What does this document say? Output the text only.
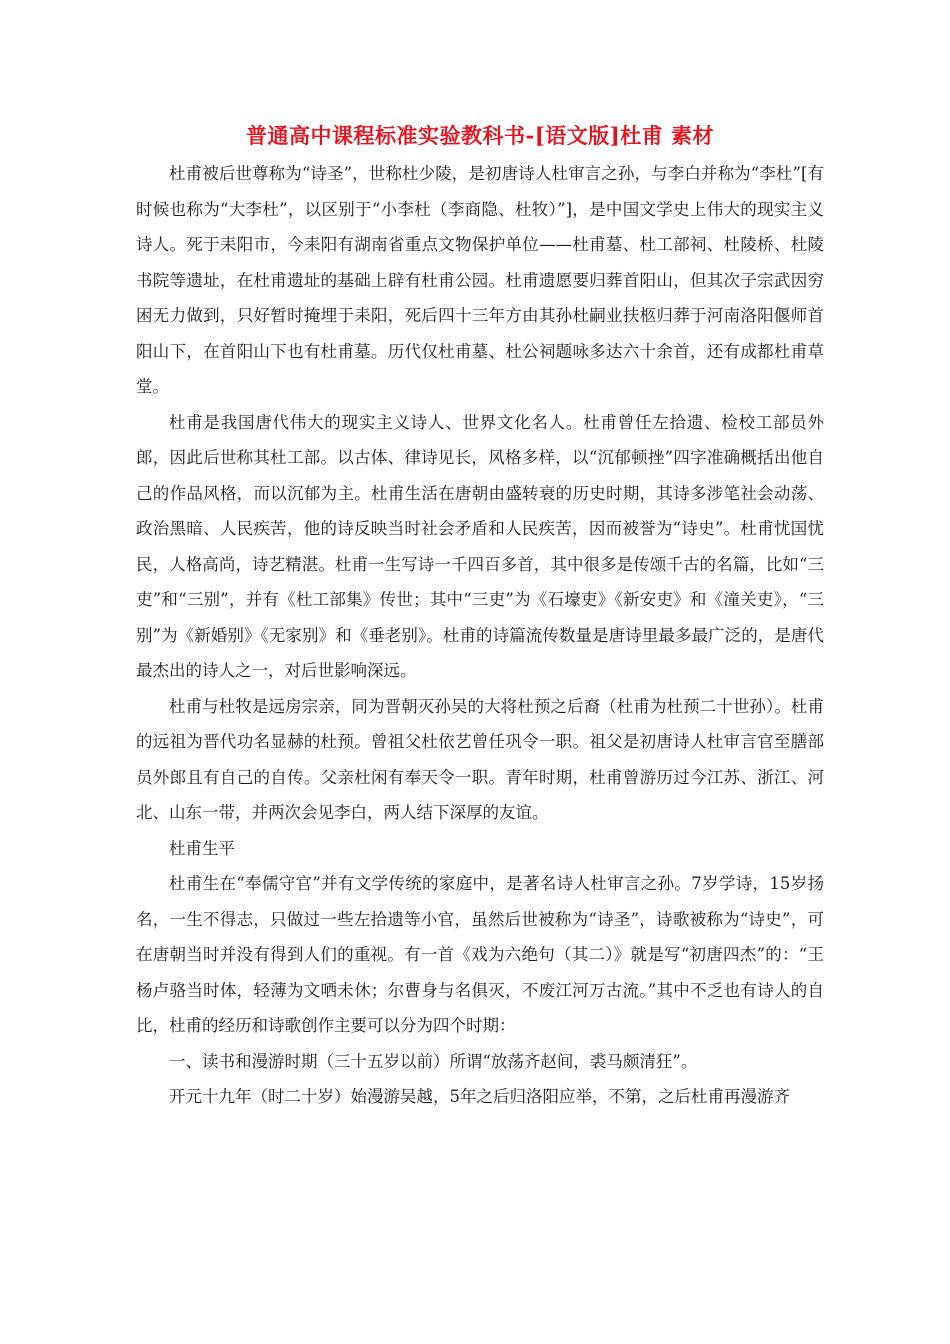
普通高中课程标准实验教科书-[语文版]杜甫 素材

杜甫被后世尊称为“诗圣”，世称杜少陵，是初唐诗人杜审言之孙，与李白并称为“李杜”[有时候也称为“大李杜”，以区别于“小李杜（李商隐、杜牧）”]，是中国文学史上伟大的现实主义诗人。死于耒阳市，今耒阳有湖南省重点文物保护单位——杜甫墓、杜工部祠、杜陵桥、杜陵书院等遗址，在杜甫遗址的基础上辟有杜甫公园。杜甫遗愿要归葬首阳山，但其次子宗武因穷困无力做到，只好暂时掩埋于耒阳，死后四十三年方由其孙杜嗣业扶柩归葬于河南洛阳偃师首阳山下，在首阳山下也有杜甫墓。历代仅杜甫墓、杜公祠题咏多达六十余首，还有成都杜甫草堂。

杜甫是我国唐代伟大的现实主义诗人、世界文化名人。杜甫曾任左拾遗、检校工部员外郎，因此后世称其杜工部。以古体、律诗见长，风格多样，以“沉郁顿挫”四字准确概括出他自己的作品风格，而以沉郁为主。杜甫生活在唐朝由盛转衰的历史时期，其诗多涉笔社会动荡、政治黑暗、人民疾苦，他的诗反映当时社会矛盾和人民疾苦，因而被誉为“诗史”。杜甫忧国忧民，人格高尚，诗艺精湛。杜甫一生写诗一千四百多首，其中很多是传颂千古的名篇，比如“三吏”和“三别”，并有《杜工部集》传世；其中“三吏”为《石壕吏》《新安吏》和《潼关吏》，“三别”为《新婚别》《无家别》和《垂老别》。杜甫的诗篇流传数量是唐诗里最多最广泛的，是唐代最杰出的诗人之一，对后世影响深远。

杜甫与杜牧是远房宗亲，同为晋朝灭孙吴的大将杜预之后裔（杜甫为杜预二十世孙）。杜甫的远祖为晋代功名显赫的杜预。曾祖父杜依艺曾任巩令一职。祖父是初唐诗人杜审言官至膳部员外郎且有自己的自传。父亲杜闲有奉天令一职。青年时期，杜甫曾游历过今江苏、浙江、河北、山东一带，并两次会见李白，两人结下深厚的友谊。

杜甫生平

杜甫生在“奉儒守官”并有文学传统的家庭中，是著名诗人杜审言之孙。7岁学诗，15岁扬名，一生不得志，只做过一些左拾遗等小官，虽然后世被称为“诗圣”，诗歌被称为“诗史”，可在唐朝当时并没有得到人们的重视。有一首《戏为六绝句（其二）》就是写“初唐四杰”的：“王杨卢骆当时体，轻薄为文哂未休；尔曹身与名俱灭，不废江河万古流。”其中不乏也有诗人的自比，杜甫的经历和诗歌创作主要可以分为四个时期：

一、读书和漫游时期（三十五岁以前）所谓“放荡齐赵间，裘马颇清狂”。

开元十九年（时二十岁）始漫游吴越，5年之后归洛阳应举，不第，之后杜甫再漫游齐
